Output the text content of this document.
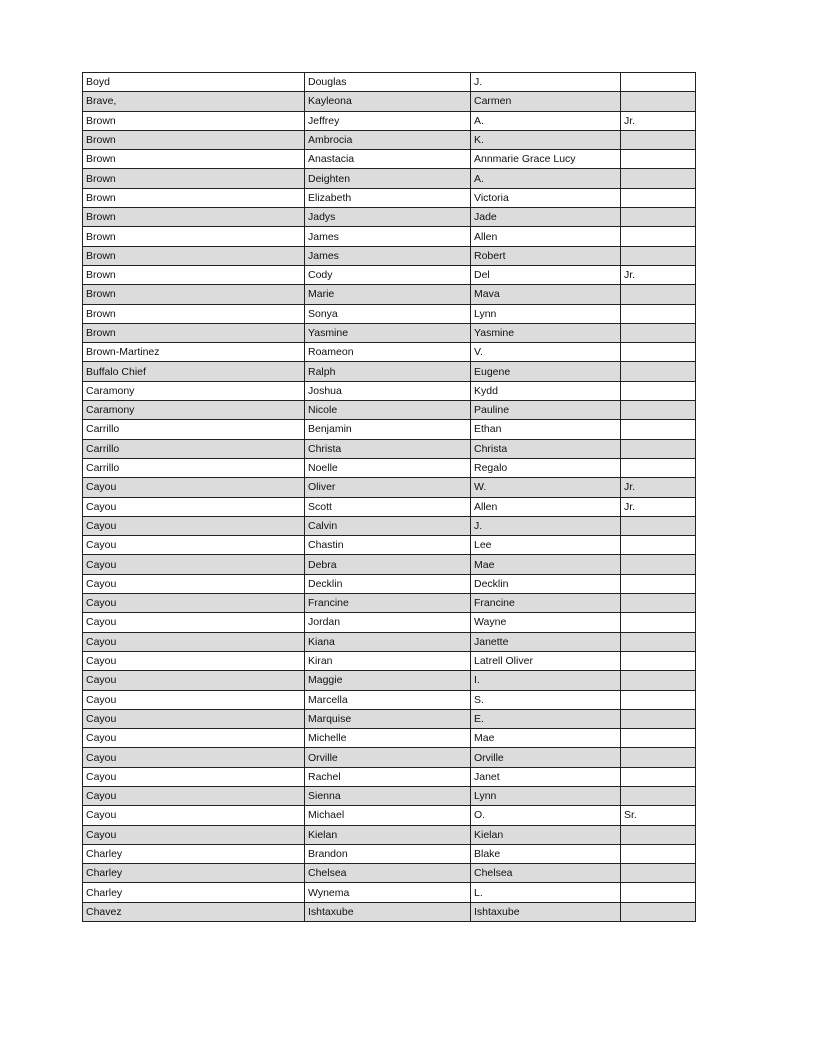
Boyd	Douglas	J.	
Brave,	Kayleona	Carmen	
Brown	Jeffrey	A.	Jr.
Brown	Ambrocia	K.	
Brown	Anastacia	Annmarie Grace Lucy	
Brown	Deighten	A.	
Brown	Elizabeth	Victoria	
Brown	Jadys	Jade	
Brown	James	Allen	
Brown	James	Robert	
Brown	Cody	Del	Jr.
Brown	Marie	Mava	
Brown	Sonya	Lynn	
Brown	Yasmine	Yasmine	
Brown-Martinez	Roameon	V.	
Buffalo Chief	Ralph	Eugene	
Caramony	Joshua	Kydd	
Caramony	Nicole	Pauline	
Carrillo	Benjamin	Ethan	
Carrillo	Christa	Christa	
Carrillo	Noelle	Regalo	
Cayou	Oliver	W.	Jr.
Cayou	Scott	Allen	Jr.
Cayou	Calvin	J.	
Cayou	Chastin	Lee	
Cayou	Debra	Mae	
Cayou	Decklin	Decklin	
Cayou	Francine	Francine	
Cayou	Jordan	Wayne	
Cayou	Kiana	Janette	
Cayou	Kiran	Latrell Oliver	
Cayou	Maggie	I.	
Cayou	Marcella	S.	
Cayou	Marquise	E.	
Cayou	Michelle	Mae	
Cayou	Orville	Orville	
Cayou	Rachel	Janet	
Cayou	Sienna	Lynn	
Cayou	Michael	O.	Sr.
Cayou	Kielan	Kielan	
Charley	Brandon	Blake	
Charley	Chelsea	Chelsea	
Charley	Wynema	L.	
Chavez	Ishtaxube	Ishtaxube	
